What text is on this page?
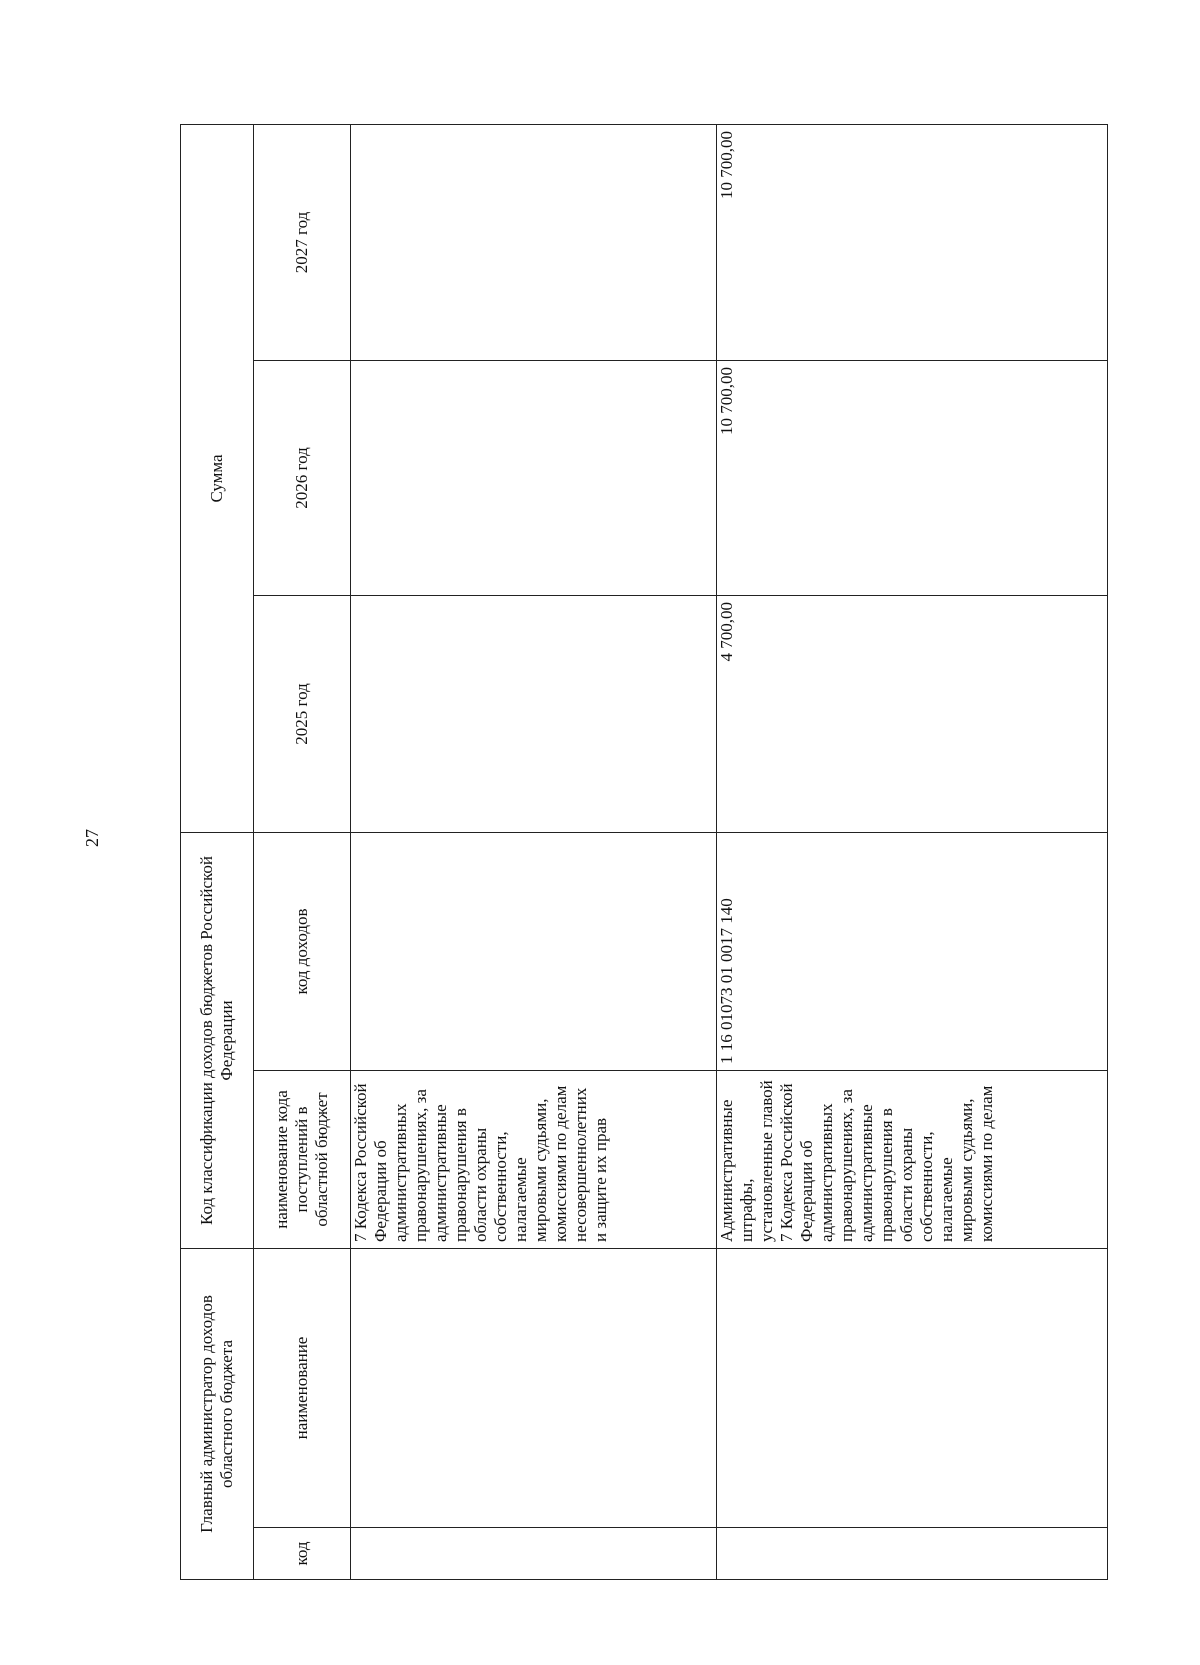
27
Главный администратор доходов областного бюджета		Код классификации доходов бюджетов Российской Федерации		Сумма		
код	наименование	наименование кода поступлений в областной бюджет	код доходов	2025 год	2026 год	2027 год
		7 Кодекса Российской Федерации об административных правонарушениях, за административные правонарушения в области охраны собственности, налагаемые мировыми судьями, комиссиями по делам несовершеннолетних и защите их прав				
		Административные штрафы, установленные главой 7 Кодекса Российской Федерации об административных правонарушениях, за административные правонарушения в области охраны собственности, налагаемые мировыми судьями, комиссиями по делам	1 16 01073 01 0017 140	4 700,00	10 700,00	10 700,00
